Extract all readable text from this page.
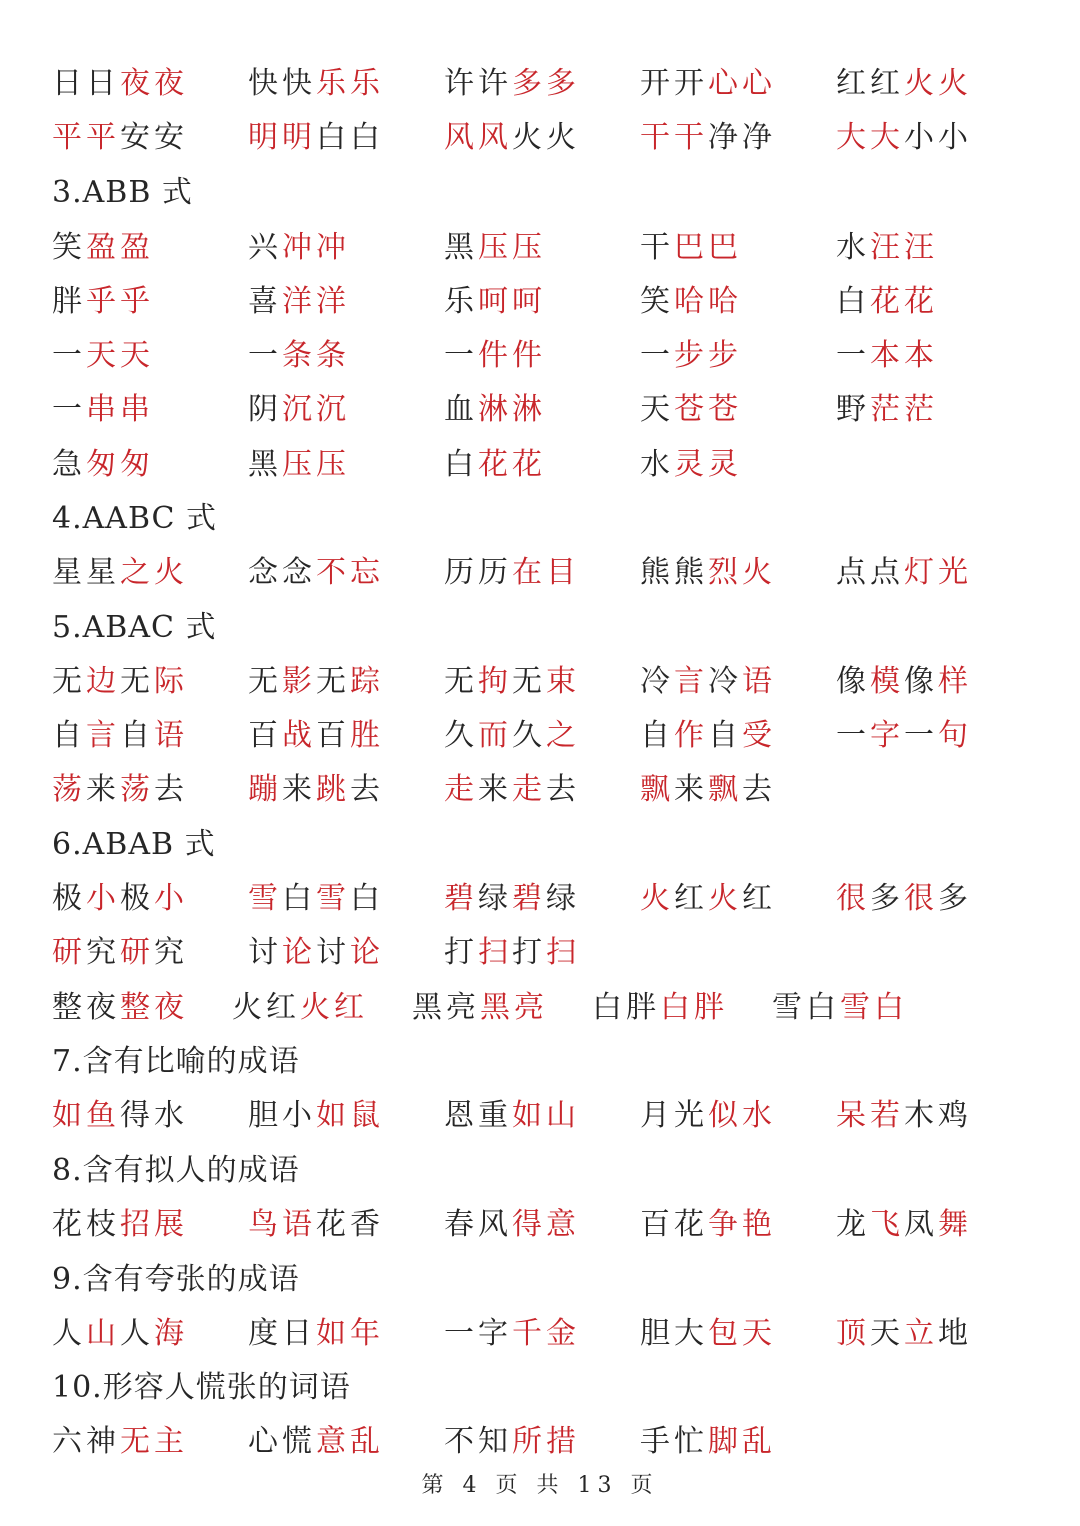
日日夜夜 快快乐乐 许许多多 开开心心 红红火火
平平安安 明明白白 风风火火 干干净净 大大小小
3.ABB 式
笑盈盈	兴冲冲	黑压压	干巴巴	水汪汪
胖乎乎	喜洋洋	乐呵呵	笑哈哈	白花花
一天天	一条条	一件件	一步步	一本本
一串串	阴沉沉	血淋淋	天苍苍	野茫茫
急匆匆	黑压压	白花花	水灵灵
4.AABC 式
星星之火 念念不忘 历历在目 熊熊烈火 点点灯光
5.ABAC 式
无边无际 无影无踪 无拘无束 冷言冷语 像模像样
自言自语 百战百胜 久而久之 自作自受 一字一句
荡来荡去 蹦来跳去 走来走去 飘来飘去
6.ABAB 式
极小极小 雪白雪白 碧绿碧绿 火红火红 很多很多
研究研究 讨论讨论 打扫打扫
整夜整夜 火红火红 黑亮黑亮 白胖白胖 雪白雪白
7.含有比喻的成语
如鱼得水 胆小如鼠 恩重如山 月光似水 呆若木鸡
8.含有拟人的成语
花枝招展 鸟语花香 春风得意 百花争艳 龙飞凤舞
9.含有夸张的成语
人山人海 度日如年 一字千金 胆大包天 顶天立地
10.形容人慌张的词语
六神无主 心慌意乱 不知所措 手忙脚乱
第 4 页 共 13 页
